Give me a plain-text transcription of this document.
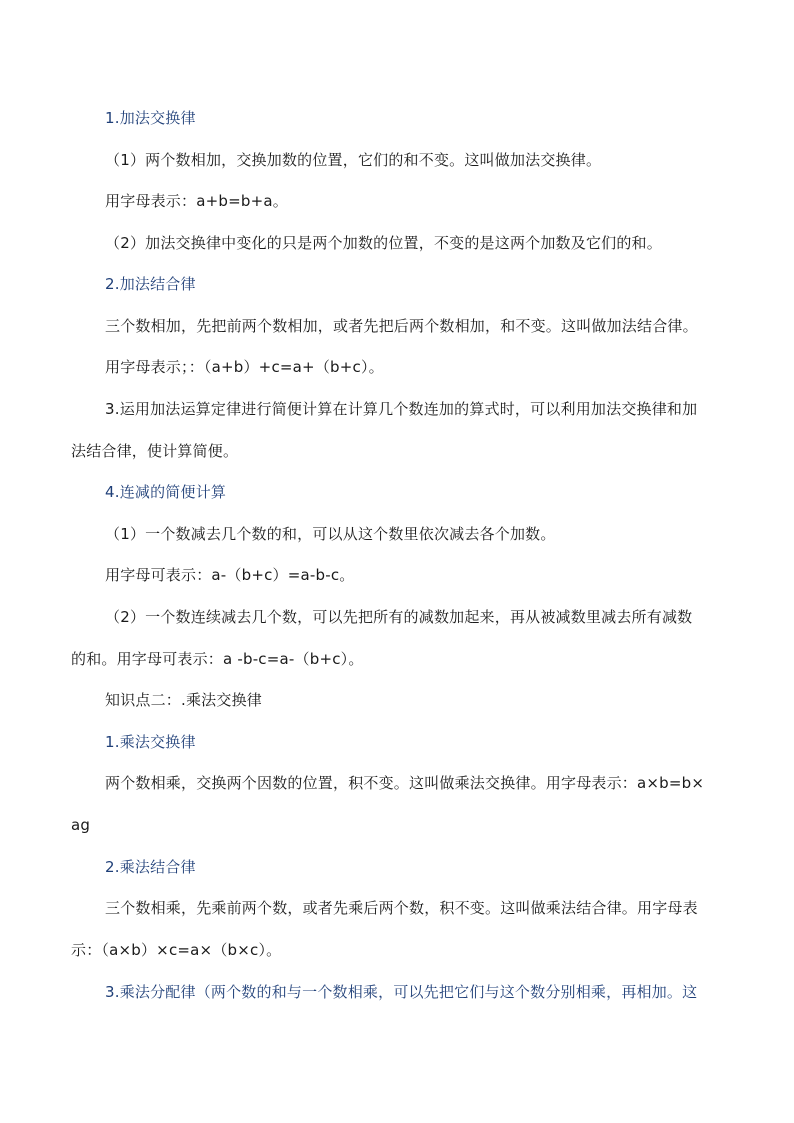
1.加法交换律
（1）两个数相加，交换加数的位置，它们的和不变。这叫做加法交换律。
用字母表示：a+b=b+a。
（2）加法交换律中变化的只是两个加数的位置，不变的是这两个加数及它们的和。
2.加法结合律
三个数相加，先把前两个数相加，或者先把后两个数相加，和不变。这叫做加法结合律。
用字母表示；：（a+b）+c=a+（b+c）。
3.运用加法运算定律进行简便计算在计算几个数连加的算式时，可以利用加法交换律和加
法结合律，使计算简便。
4.连减的简便计算
（1）一个数减去几个数的和，可以从这个数里依次减去各个加数。
用字母可表示：a-（b+c）=a-b-c。
（2）一个数连续减去几个数，可以先把所有的减数加起来，再从被减数里减去所有减数
的和。用字母可表示：a -b-c=a-（b+c）。
知识点二：.乘法交换律
1.乘法交换律
两个数相乘，交换两个因数的位置，积不变。这叫做乘法交换律。用字母表示：a×b=b×
ag
2.乘法结合律
三个数相乘，先乘前两个数，或者先乘后两个数，积不变。这叫做乘法结合律。用字母表
示：（a×b）×c=a×（b×c）。
3.乘法分配律（两个数的和与一个数相乘，可以先把它们与这个数分别相乘，再相加。这
